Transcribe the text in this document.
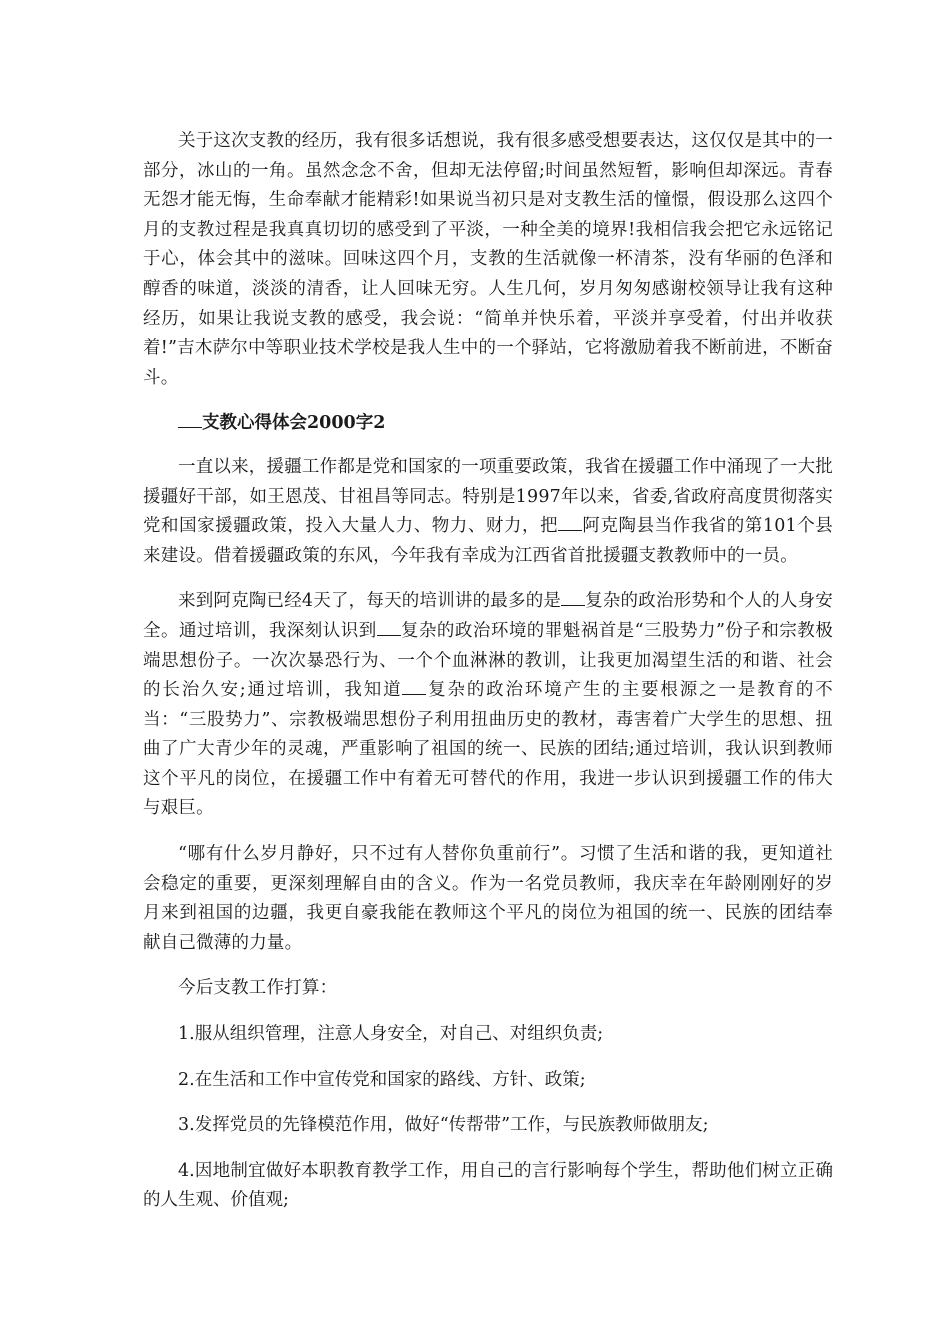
关于这次支教的经历，我有很多话想说，我有很多感受想要表达，这仅仅是其中的一部分，冰山的一角。虽然念念不舍，但却无法停留;时间虽然短暂，影响但却深远。青春无怨才能无悔，生命奉献才能精彩!如果说当初只是对支教生活的憧憬，假设那么这四个月的支教过程是我真真切切的感受到了平淡，一种全美的境界!我相信我会把它永远铭记于心，体会其中的滋味。回味这四个月，支教的生活就像一杯清茶，没有华丽的色泽和醇香的味道，淡淡的清香，让人回味无穷。人生几何，岁月匆匆感谢校领导让我有这种经历，如果让我说支教的感受，我会说：“简单并快乐着，平淡并享受着，付出并收获着!”吉木萨尔中等职业技术学校是我人生中的一个驿站，它将激励着我不断前进，不断奋斗。

支教心得体会2000字2

一直以来，援疆工作都是党和国家的一项重要政策，我省在援疆工作中涌现了一大批援疆好干部，如王恩茂、甘祖昌等同志。特别是1997年以来，省委,省政府高度贯彻落实党和国家援疆政策，投入大量人力、物力、财力，把 阿克陶县当作我省的第101个县来建设。借着援疆政策的东风，今年我有幸成为江西省首批援疆支教教师中的一员。

来到阿克陶已经4天了，每天的培训讲的最多的是 复杂的政治形势和个人的人身安全。通过培训，我深刻认识到 复杂的政治环境的罪魁祸首是“三股势力”份子和宗教极端思想份子。一次次暴恐行为、一个个血淋淋的教训，让我更加渴望生活的和谐、社会的长治久安;通过培训，我知道 复杂的政治环境产生的主要根源之一是教育的不当：“三股势力”、宗教极端思想份子利用扭曲历史的教材，毒害着广大学生的思想、扭曲了广大青少年的灵魂，严重影响了祖国的统一、民族的团结;通过培训，我认识到教师这个平凡的岗位，在援疆工作中有着无可替代的作用，我进一步认识到援疆工作的伟大与艰巨。

“哪有什么岁月静好，只不过有人替你负重前行”。习惯了生活和谐的我，更知道社会稳定的重要，更深刻理解自由的含义。作为一名党员教师，我庆幸在年龄刚刚好的岁月来到祖国的边疆，我更自豪我能在教师这个平凡的岗位为祖国的统一、民族的团结奉献自己微薄的力量。

今后支教工作打算：

1.服从组织管理，注意人身安全，对自己、对组织负责;

2.在生活和工作中宣传党和国家的路线、方针、政策;

3.发挥党员的先锋模范作用，做好“传帮带”工作，与民族教师做朋友;

4.因地制宜做好本职教育教学工作，用自己的言行影响每个学生，帮助他们树立正确的人生观、价值观;
